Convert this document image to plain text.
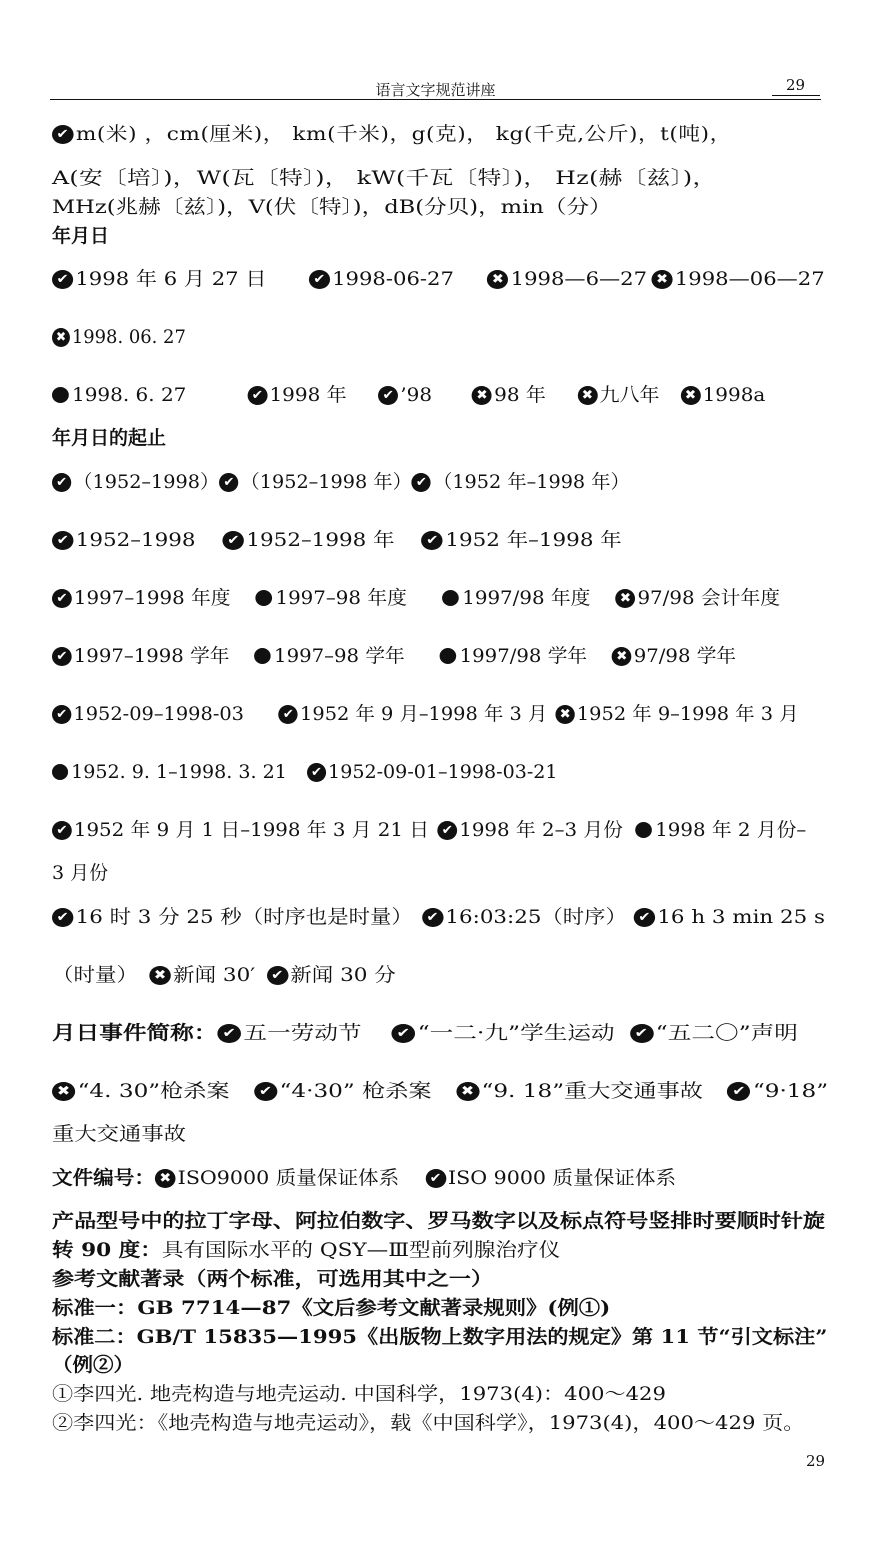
语言文字规范讲座	29
✔ m(米) ，cm(厘米)， km(千米)，g(克)， kg(千克,公斤)，t(吨)，
A(安〔培〕)，W(瓦〔特〕)， kW(千瓦〔特〕)， Hz(赫〔兹〕)，
MHz(兆赫〔兹〕)，V(伏〔特〕)，dB(分贝)，min（分）
年月日
✔ 1998 年 6 月 27 日	✔ 1998-06-27	✖ 1998—6—27 ✖ 1998—06—27
✖ 1998. 06. 27
1998. 6. 27	✔ 1998 年	✔’98	✖ 98 年	✖ 九八年 ✖ 1998a
年月日的起止
✔ （1952–1998） ✔ （1952–1998 年） ✔ （1952 年–1998 年）
✔1952–1998 ✔1952–1998 年 ✔1952 年–1998 年
✔ 1997–1998 年度 1997–98 年度	1997/98 年度 ✖ 97/98 会计年度
✔ 1997–1998 学年 1997–98 学年	1997/98 学年 ✖ 97/98 学年
✔ 1952-09–1998-03	✔ 1952 年 9 月–1998 年 3 月 ✖ 1952 年 9–1998 年 3 月
1952. 9. 1–1998. 3. 21 ✔ 1952-09-01–1998-03-21
✔ 1952 年 9 月 1 日–1998 年 3 月 21 日 ✔ 1998 年 2–3 月份 1998 年 2 月份–
3 月份
✔ 16 时 3 分 25 秒（时序也是时量） ✔ 16:03:25（时序） ✔ 16 h 3 min 25 s
（时量） ✖ 新闻 30′ ✔ 新闻 30 分
月日事件简称： ✔ 五一劳动节	✔ “一二·九”学生运动 ✔ “五二〇”声明
✖ “4. 30”枪杀案 ✔ “4·30” 枪杀案 ✖ “9. 18”重大交通事故 ✔ “9·18”
重大交通事故
文件编号： ✖ ISO9000 质量保证体系 ✔ ISO 9000 质量保证体系
产品型号中的拉丁字母、阿拉伯数字、罗马数字以及标点符号竖排时要顺时针旋
转 90 度：具有国际水平的 QSY—Ⅲ型前列腺治疗仪
参考文献著录（两个标准，可选用其中之一）
标准一：GB 7714—87《文后参考文献著录规则》(例①)
标准二：GB/T 15835—1995《出版物上数字用法的规定》第 11 节“引文标注”
（例②）
①李四光. 地壳构造与地壳运动. 中国科学，1973(4)：400～429
②李四光：《地壳构造与地壳运动》，载《中国科学》，1973(4)，400～429 页。
29
